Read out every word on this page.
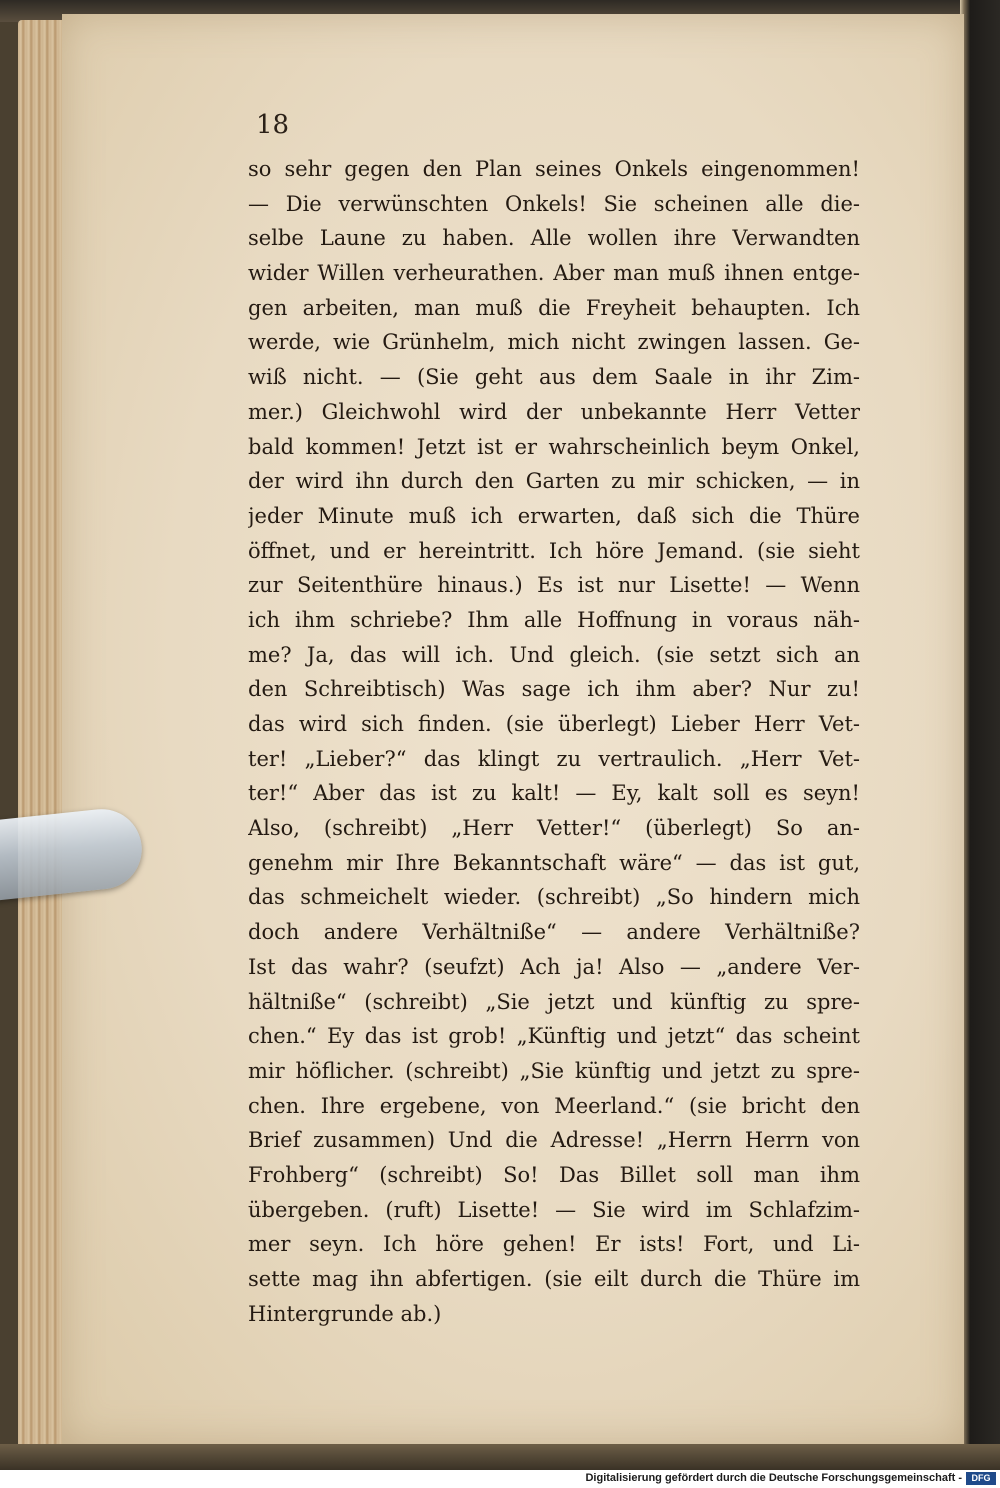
18
so sehr gegen den Plan seines Onkels eingenommen!
— Die verwünschten Onkels! Sie scheinen alle die-
selbe Laune zu haben. Alle wollen ihre Verwandten
wider Willen verheurathen. Aber man muß ihnen entge-
gen arbeiten, man muß die Freyheit behaupten. Ich
werde, wie Grünhelm, mich nicht zwingen lassen. Ge-
wiß nicht. — (Sie geht aus dem Saale in ihr Zim-
mer.) Gleichwohl wird der unbekannte Herr Vetter
bald kommen! Jetzt ist er wahrscheinlich beym Onkel,
der wird ihn durch den Garten zu mir schicken, — in
jeder Minute muß ich erwarten, daß sich die Thüre
öffnet, und er hereintritt. Ich höre Jemand. (sie sieht
zur Seitenthüre hinaus.) Es ist nur Lisette! — Wenn
ich ihm schriebe? Ihm alle Hoffnung in voraus näh-
me? Ja, das will ich. Und gleich. (sie setzt sich an
den Schreibtisch) Was sage ich ihm aber? Nur zu!
das wird sich finden. (sie überlegt) Lieber Herr Vet-
ter! „Lieber?“ das klingt zu vertraulich. „Herr Vet-
ter!“ Aber das ist zu kalt! — Ey, kalt soll es seyn!
Also, (schreibt) „Herr Vetter!“ (überlegt) So an-
genehm mir Ihre Bekanntschaft wäre“ — das ist gut,
das schmeichelt wieder. (schreibt) „So hindern mich
doch andere Verhältniße“ — andere Verhältniße?
Ist das wahr? (seufzt) Ach ja! Also — „andere Ver-
hältniße“ (schreibt) „Sie jetzt und künftig zu spre-
chen.“ Ey das ist grob! „Künftig und jetzt“ das scheint
mir höflicher. (schreibt) „Sie künftig und jetzt zu spre-
chen. Ihre ergebene, von Meerland.“ (sie bricht den
Brief zusammen) Und die Adresse! „Herrn Herrn von
Frohberg“ (schreibt) So! Das Billet soll man ihm
übergeben. (ruft) Lisette! — Sie wird im Schlafzim-
mer seyn. Ich höre gehen! Er ists! Fort, und Li-
sette mag ihn abfertigen. (sie eilt durch die Thüre im
Hintergrunde ab.)
Digitalisierung gefördert durch die Deutsche Forschungsgemeinschaft -	DFG
